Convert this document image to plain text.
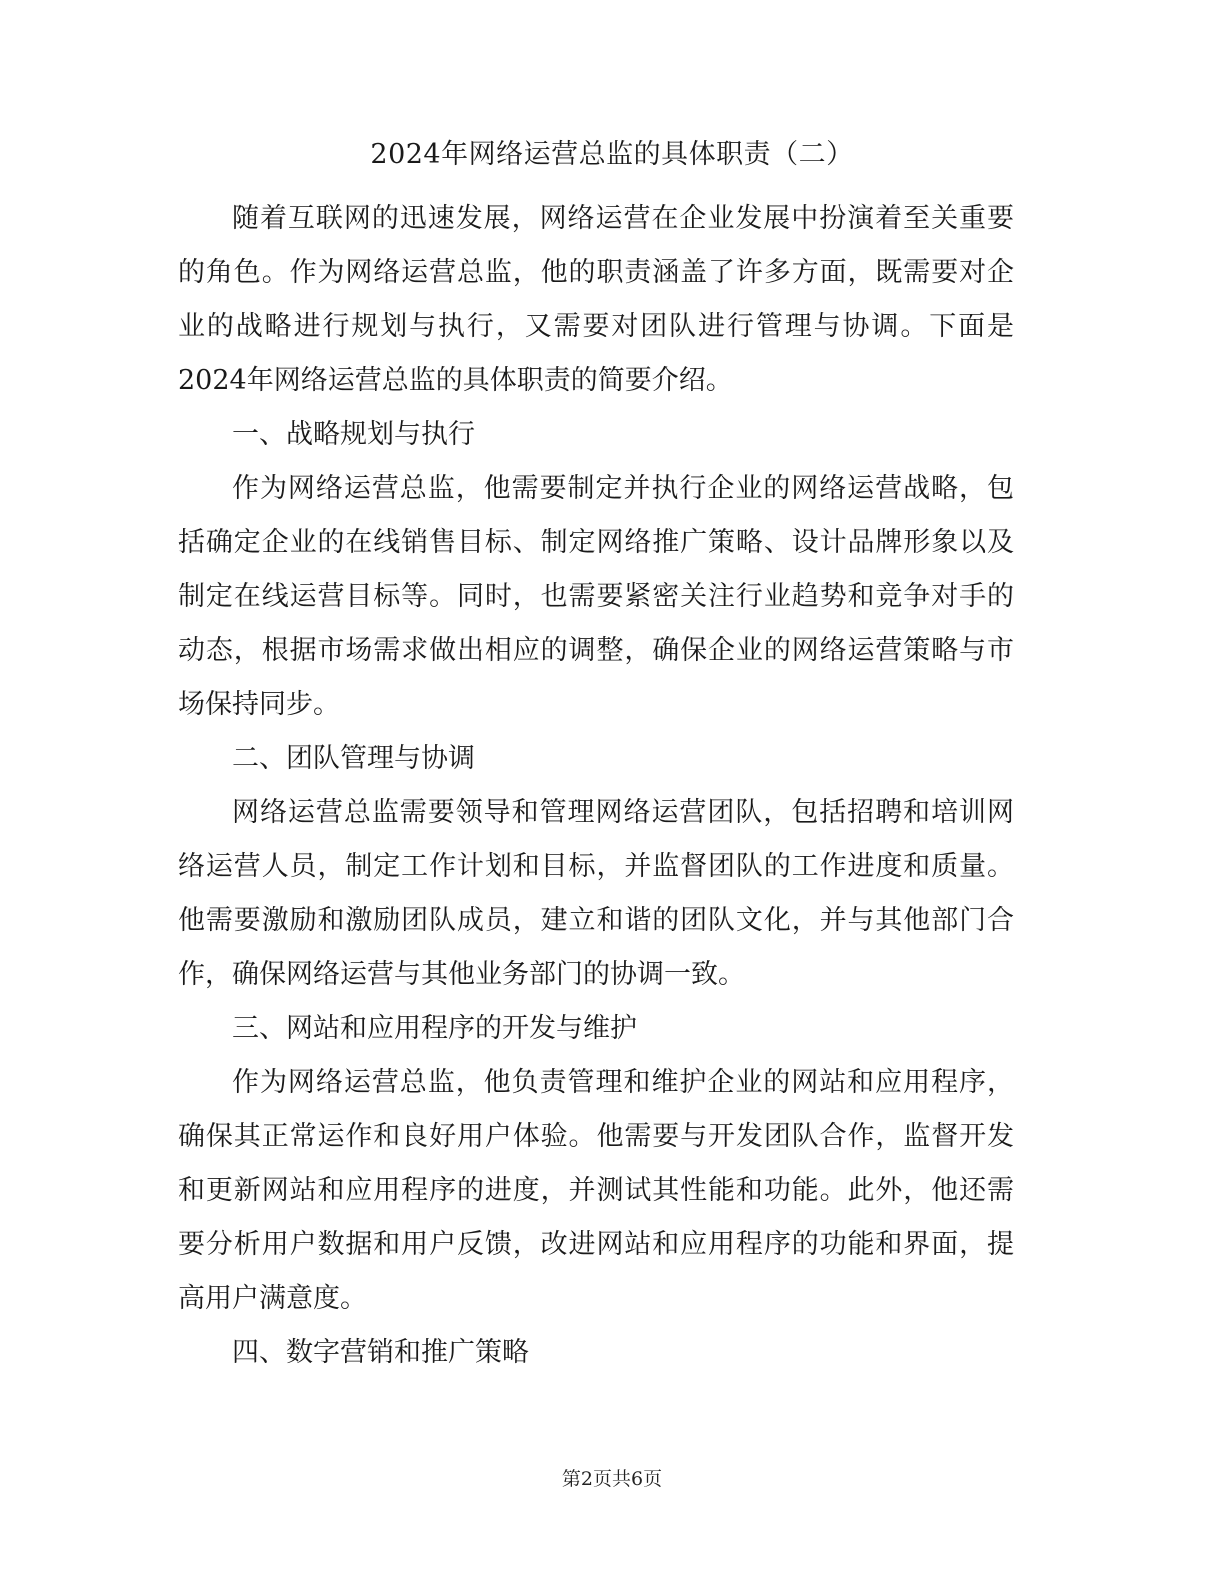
2024年网络运营总监的具体职责（二）

随着互联网的迅速发展，网络运营在企业发展中扮演着至关重要的角色。作为网络运营总监，他的职责涵盖了许多方面，既需要对企业的战略进行规划与执行，又需要对团队进行管理与协调。下面是2024年网络运营总监的具体职责的简要介绍。

一、战略规划与执行

作为网络运营总监，他需要制定并执行企业的网络运营战略，包括确定企业的在线销售目标、制定网络推广策略、设计品牌形象以及制定在线运营目标等。同时，也需要紧密关注行业趋势和竞争对手的动态，根据市场需求做出相应的调整，确保企业的网络运营策略与市场保持同步。

二、团队管理与协调

网络运营总监需要领导和管理网络运营团队，包括招聘和培训网络运营人员，制定工作计划和目标，并监督团队的工作进度和质量。他需要激励和激励团队成员，建立和谐的团队文化，并与其他部门合作，确保网络运营与其他业务部门的协调一致。

三、网站和应用程序的开发与维护

作为网络运营总监，他负责管理和维护企业的网站和应用程序，确保其正常运作和良好用户体验。他需要与开发团队合作，监督开发和更新网站和应用程序的进度，并测试其性能和功能。此外，他还需要分析用户数据和用户反馈，改进网站和应用程序的功能和界面，提高用户满意度。

四、数字营销和推广策略

第2页共6页
